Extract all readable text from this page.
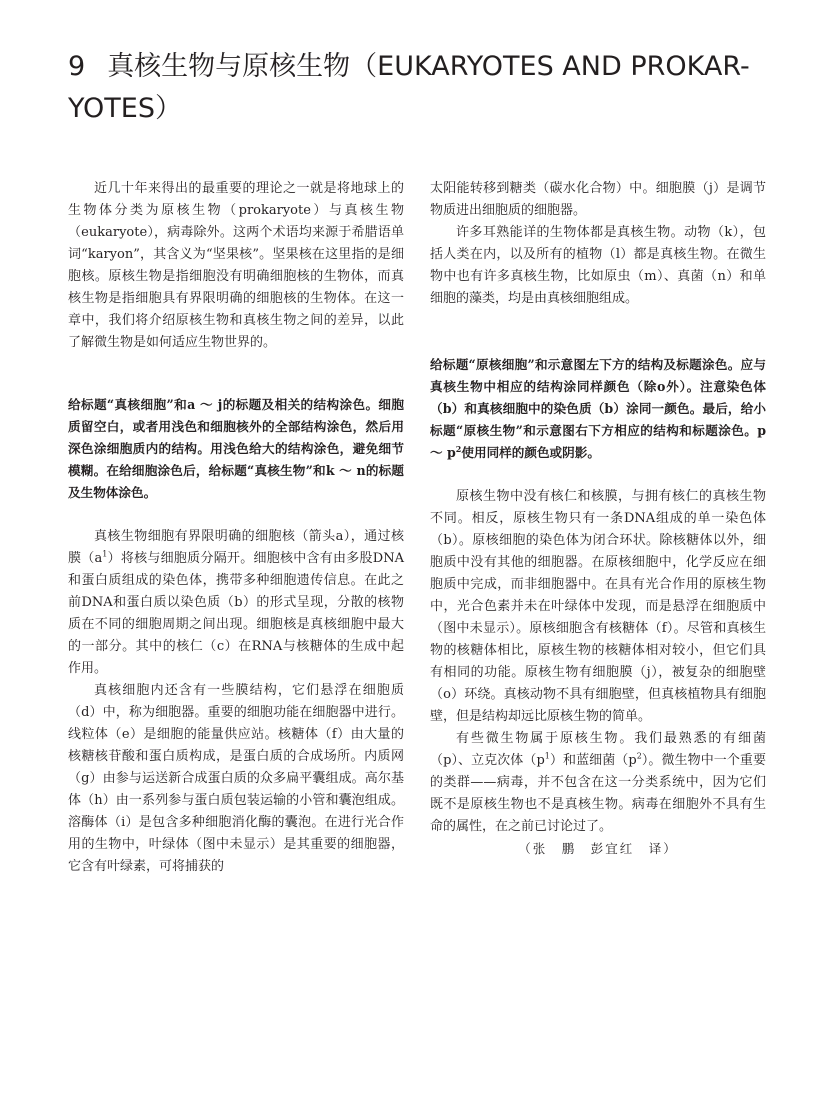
9 真核生物与原核生物（EUKARYOTES AND PROKAR-YOTES）

近几十年来得出的最重要的理论之一就是将地球上的生物体分类为原核生物（prokaryote）与真核生物（eukaryote），病毒除外。这两个术语均来源于希腊语单词“karyon”，其含义为“坚果核”。坚果核在这里指的是细胞核。原核生物是指细胞没有明确细胞核的生物体，而真核生物是指细胞具有界限明确的细胞核的生物体。在这一章中，我们将介绍原核生物和真核生物之间的差异，以此了解微生物是如何适应生物世界的。

给标题“真核细胞”和a ～ j的标题及相关的结构涂色。细胞质留空白，或者用浅色和细胞核外的全部结构涂色，然后用深色涂细胞质内的结构。用浅色给大的结构涂色，避免细节模糊。在给细胞涂色后，给标题“真核生物”和k ～ n的标题及生物体涂色。

真核生物细胞有界限明确的细胞核（箭头a），通过核膜$(a^1)$将核与细胞质分隔开。细胞核中含有由多股DNA和蛋白质组成的染色体，携带多种细胞遗传信息。在此之前DNA和蛋白质以染色质（b）的形式呈现，分散的核物质在不同的细胞周期之间出现。细胞核是真核细胞中最大的一部分。其中的核仁（c）在RNA与核糖体的生成中起作用。

真核细胞内还含有一些膜结构，它们悬浮在细胞质（d）中，称为细胞器。重要的细胞功能在细胞器中进行。线粒体（e）是细胞的能量供应站。核糖体（f）由大量的核糖核苷酸和蛋白质构成，是蛋白质的合成场所。内质网（g）由参与运送新合成蛋白质的众多扁平囊组成。高尔基体（h）由一系列参与蛋白质包装运输的小管和囊泡组成。溶酶体（i）是包含多种细胞消化酶的囊泡。在进行光合作用的生物中，叶绿体（图中未显示）是其重要的细胞器，它含有叶绿素，可将捕获的

太阳能转移到糖类（碳水化合物）中。细胞膜（j）是调节物质进出细胞质的细胞器。

许多耳熟能详的生物体都是真核生物。动物（k），包括人类在内，以及所有的植物（l）都是真核生物。在微生物中也有许多真核生物，比如原虫（m）、真菌（n）和单细胞的藻类，均是由真核细胞组成。

给标题“原核细胞”和示意图左下方的结构及标题涂色。应与真核生物中相应的结构涂同样颜色（除o外）。注意染色体（b）和真核细胞中的染色质（b）涂同一颜色。最后，给小标题“原核生物”和示意图右下方相应的结构和标题涂色。p ～ $p^2$使用同样的颜色或阴影。

原核生物中没有核仁和核膜，与拥有核仁的真核生物不同。相反，原核生物只有一条DNA组成的单一染色体（b）。原核细胞的染色体为闭合环状。除核糖体以外，细胞质中没有其他的细胞器。在原核细胞中，化学反应在细胞质中完成，而非细胞器中。在具有光合作用的原核生物中，光合色素并未在叶绿体中发现，而是悬浮在细胞质中（图中未显示）。原核细胞含有核糖体（f）。尽管和真核生物的核糖体相比，原核生物的核糖体相对较小，但它们具有相同的功能。原核生物有细胞膜（j），被复杂的细胞壁（o）环绕。真核动物不具有细胞壁，但真核植物具有细胞壁，但是结构却远比原核生物的简单。

有些微生物属于原核生物。我们最熟悉的有细菌（p）、立克次体$(p^1)$和蓝细菌$(p^2)$。微生物中一个重要的类群——病毒，并不包含在这一分类系统中，因为它们既不是原核生物也不是真核生物。病毒在细胞外不具有生命的属性，在之前已讨论过了。

（张　鹏　彭宜红　译）
